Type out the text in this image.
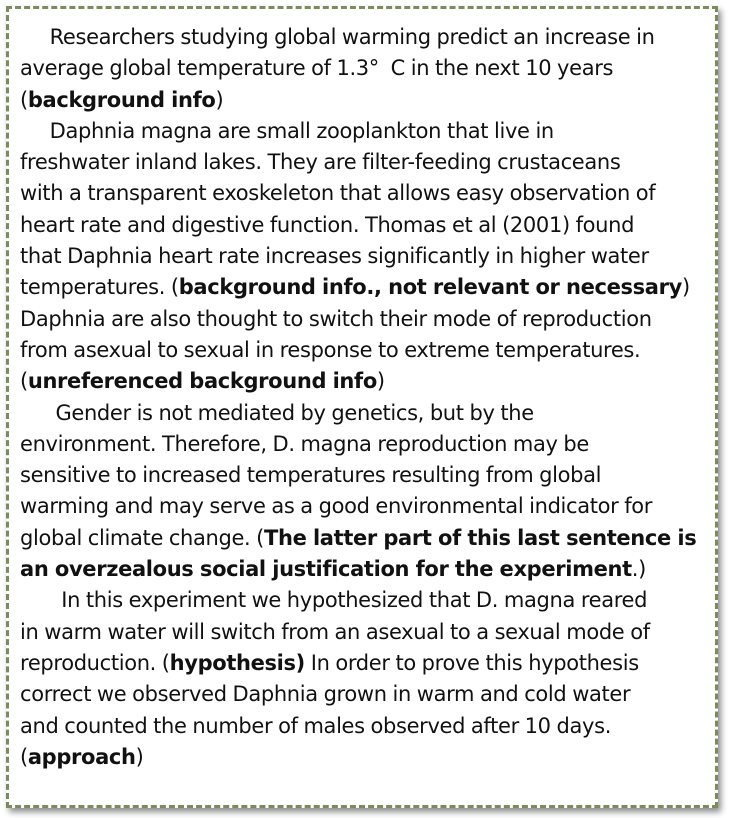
Researchers studying global warming predict an increase in
average global temperature of 1.3°  C in the next 10 years
(background info)
Daphnia magna are small zooplankton that live in
freshwater inland lakes. They are filter-feeding crustaceans
with a transparent exoskeleton that allows easy observation of
heart rate and digestive function. Thomas et al (2001) found
that Daphnia heart rate increases significantly in higher water
temperatures. (background info., not relevant or necessary)
Daphnia are also thought to switch their mode of reproduction
from asexual to sexual in response to extreme temperatures.
(unreferenced background info)
Gender is not mediated by genetics, but by the
environment. Therefore, D. magna reproduction may be
sensitive to increased temperatures resulting from global
warming and may serve as a good environmental indicator for
global climate change. (The latter part of this last sentence is
an overzealous social justification for the experiment.)
In this experiment we hypothesized that D. magna reared
in warm water will switch from an asexual to a sexual mode of
reproduction. (hypothesis) In order to prove this hypothesis
correct we observed Daphnia grown in warm and cold water
and counted the number of males observed after 10 days.
(approach)
